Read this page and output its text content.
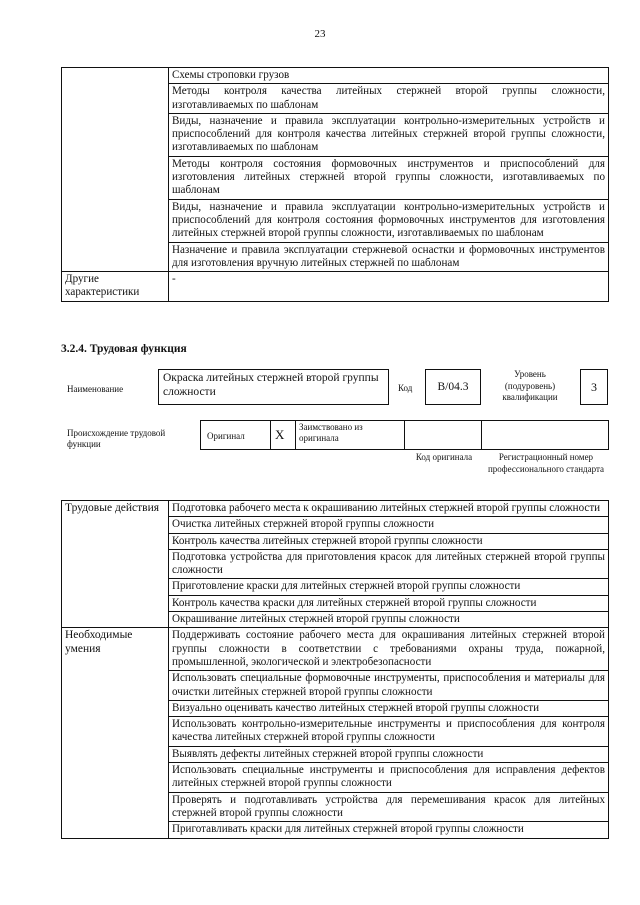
23
	Схемы строповки грузов
	Методы контроля качества литейных стержней второй группы сложности, изготавливаемых по шаблонам
	Виды, назначение и правила эксплуатации контрольно-измерительных устройств и приспособлений для контроля качества литейных стержней второй группы сложности, изготавливаемых по шаблонам
	Методы контроля состояния формовочных инструментов и приспособлений для изготовления литейных стержней второй группы сложности, изготавливаемых по шаблонам
	Виды, назначение и правила эксплуатации контрольно-измерительных устройств и приспособлений для контроля состояния формовочных инструментов для изготовления литейных стержней второй группы сложности, изготавливаемых по шаблонам
	Назначение и правила эксплуатации стержневой оснастки и формовочных инструментов для изготовления вручную литейных стержней по шаблонам
Другие характеристики	-
3.2.4. Трудовая функция
Наименование
Окраска литейных стержней второй группы сложности	Код	В/04.3
Уровень (подуровень) квалификации
3
Происхождение трудовой функции
Оригинал X Заимствовано из оригинала
Код оригинала	Регистрационный номер профессионального стандарта
Трудовые действия	Подготовка рабочего места к окрашиванию литейных стержней второй группы сложности
	Очистка литейных стержней второй группы сложности
	Контроль качества литейных стержней второй группы сложности
	Подготовка устройства для приготовления красок для литейных стержней второй группы сложности
	Приготовление краски для литейных стержней второй группы сложности
	Контроль качества краски для литейных стержней второй группы сложности
	Окрашивание литейных стержней второй группы сложности
Необходимые умения	Поддерживать состояние рабочего места для окрашивания литейных стержней второй группы сложности в соответствии с требованиями охраны труда, пожарной, промышленной, экологической и электробезопасности
	Использовать специальные формовочные инструменты, приспособления и материалы для очистки литейных стержней второй группы сложности
	Визуально оценивать качество литейных стержней второй группы сложности
	Использовать контрольно-измерительные инструменты и приспособления для контроля качества литейных стержней второй группы сложности
	Выявлять дефекты литейных стержней второй группы сложности
	Использовать специальные инструменты и приспособления для исправления дефектов литейных стержней второй группы сложности
	Проверять и подготавливать устройства для перемешивания красок для литейных стержней второй группы сложности
	Приготавливать краски для литейных стержней второй группы сложности
